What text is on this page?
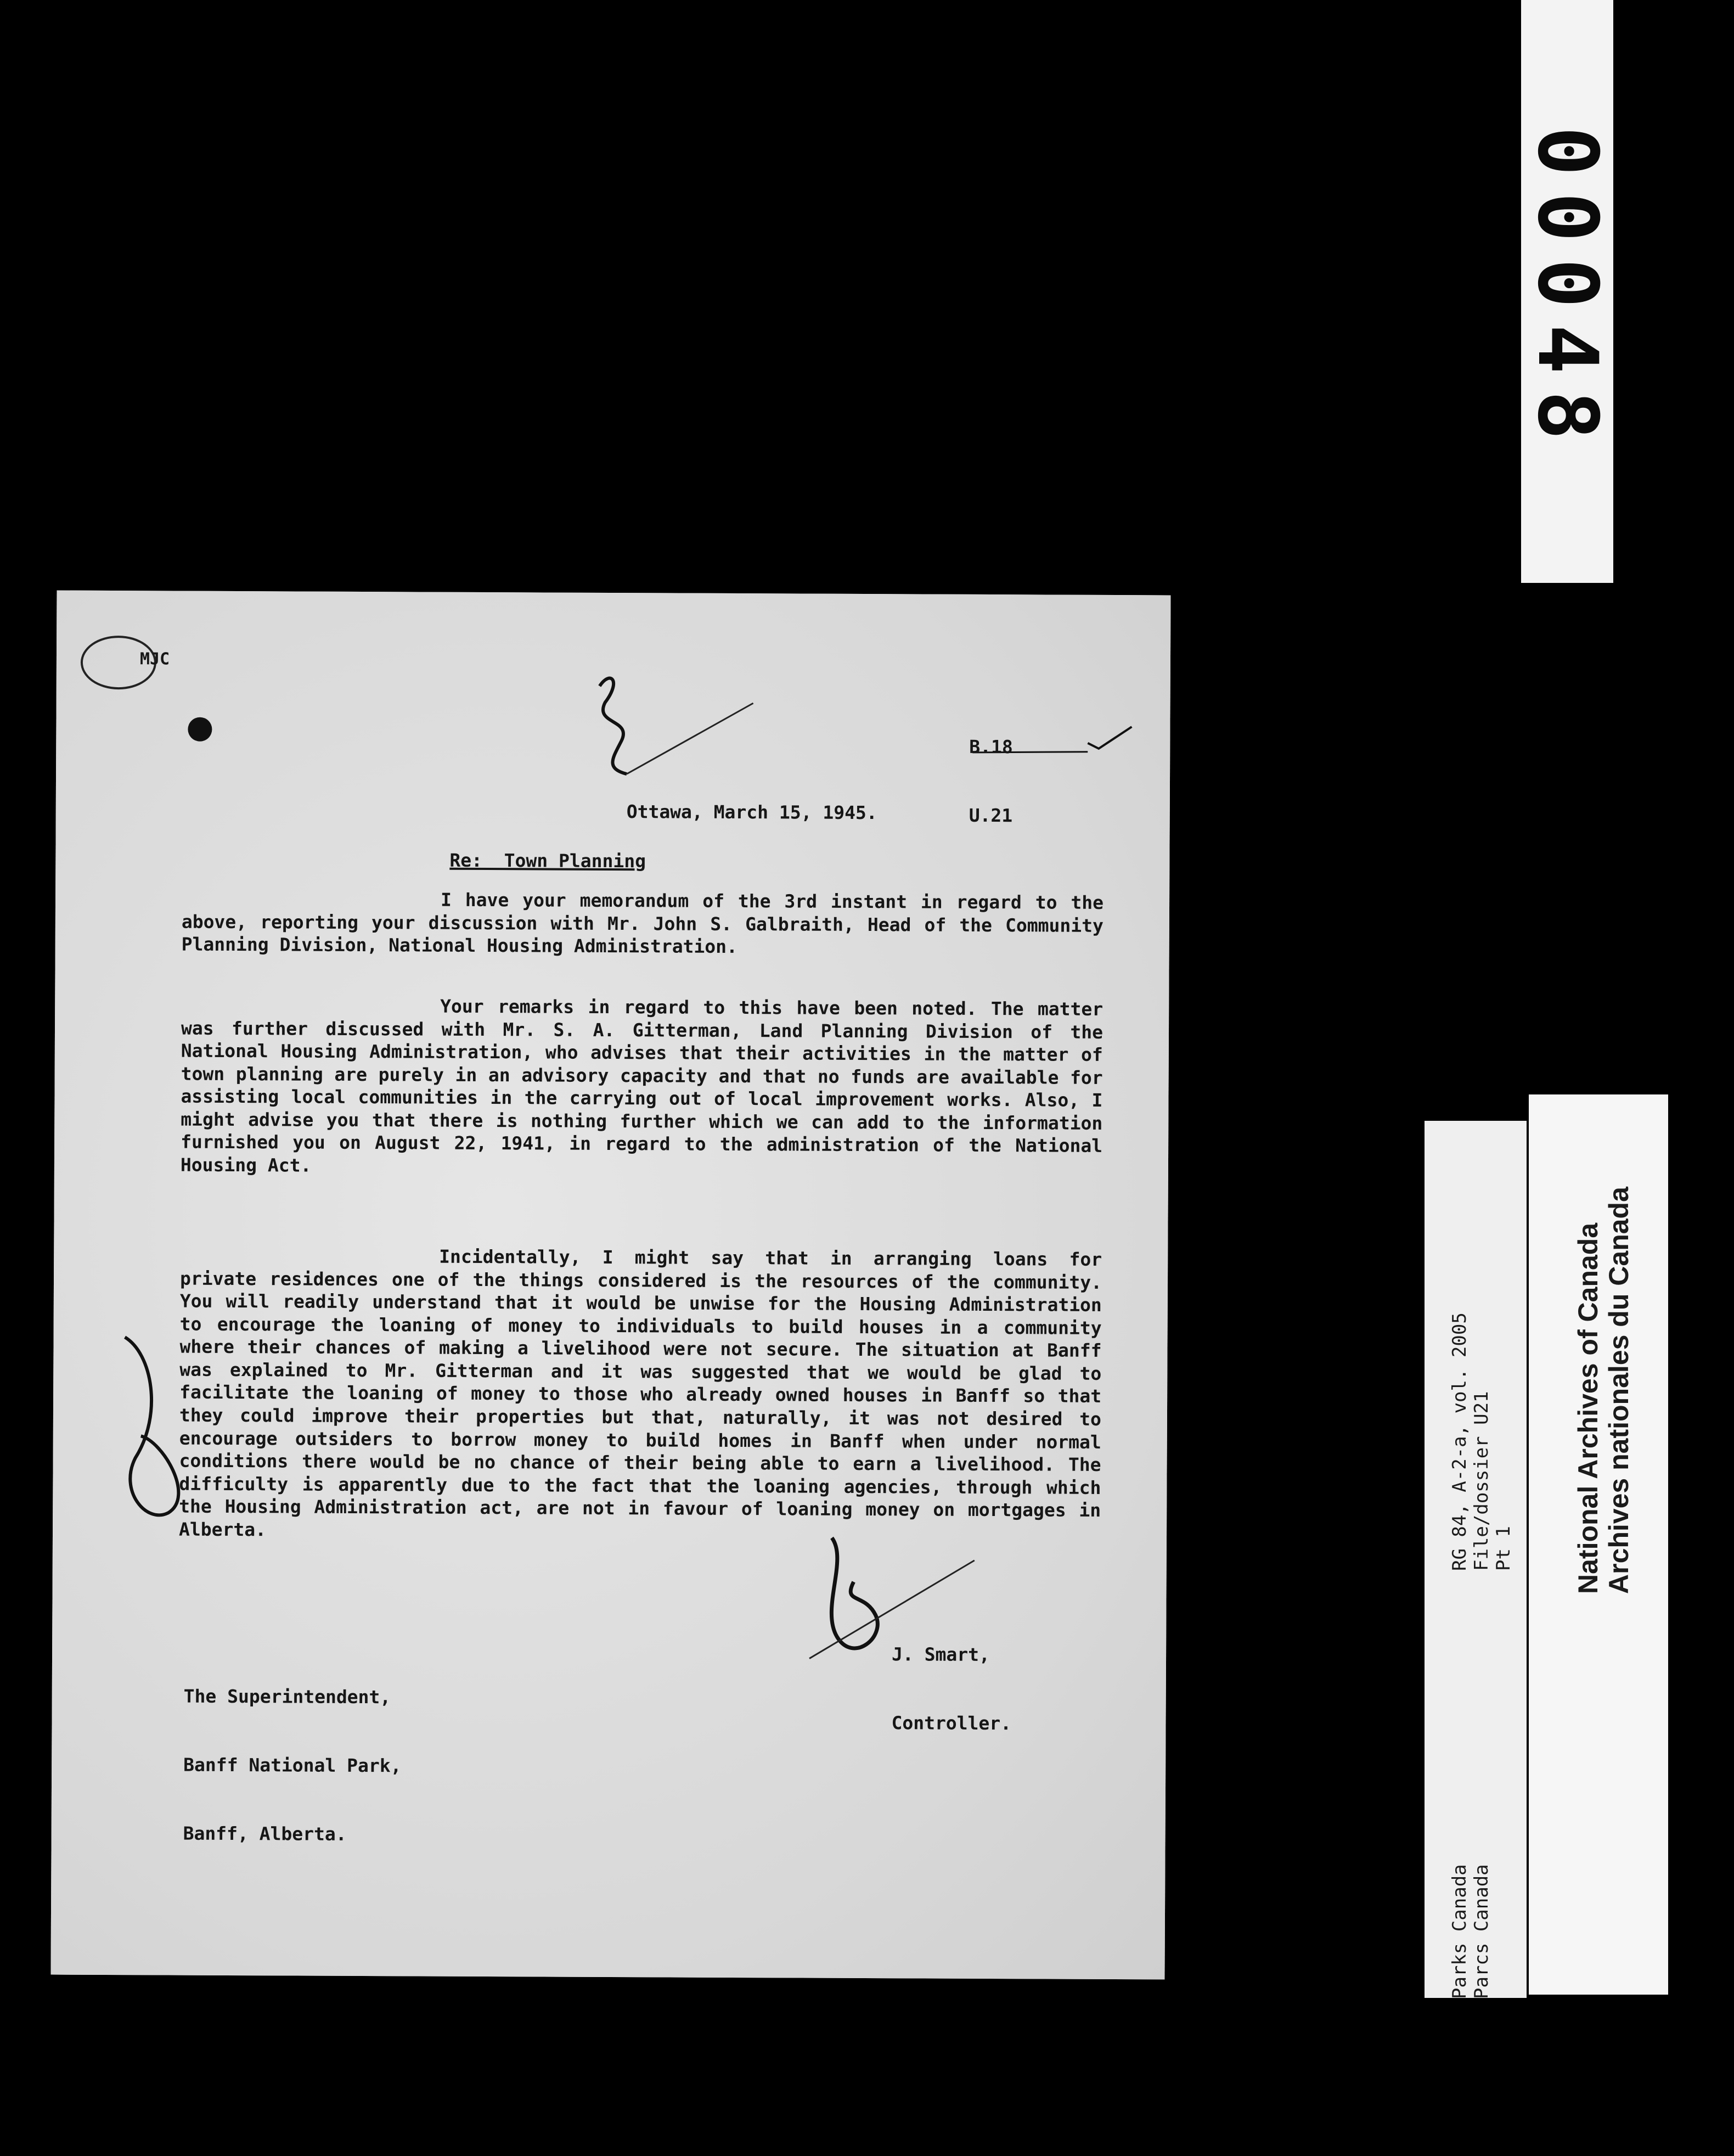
00048
MJC

B.18

U.21

Ottawa, March 15, 1945.
Re:  Town Planning
I have your memorandum of the 3rd instant in regard to the above, reporting your discussion with Mr. John S. Galbraith, Head of the Community Planning Division, National Housing Administration.
Your remarks in regard to this have been noted. The matter was further discussed with Mr. S. A. Gitterman, Land Planning Division of the National Housing Administration, who advises that their activities in the matter of town planning are purely in an advisory capacity and that no funds are available for assisting local communities in the carrying out of local improvement works. Also, I might advise you that there is nothing further which we can add to the information furnished you on August 22, 1941, in regard to the administration of the National Housing Act.
Incidentally, I might say that in arranging loans for private residences one of the things considered is the resources of the community. You will readily understand that it would be unwise for the Housing Administration to encourage the loaning of money to individuals to build houses in a community where their chances of making a livelihood were not secure. The situation at Banff was explained to Mr. Gitterman and it was suggested that we would be glad to facilitate the loaning of money to those who already owned houses in Banff so that they could improve their properties but that, naturally, it was not desired to encourage outsiders to borrow money to build homes in Banff when under normal conditions there would be no chance of their being able to earn a livelihood. The difficulty is apparently due to the fact that the loaning agencies, through which the Housing Administration act, are not in favour of loaning money on mortgages in Alberta.

J. Smart,

Controller.

The Superintendent,

Banff National Park,

Banff, Alberta.

RG 84, A-2-a, vol. 2005 File/dossier U21 Pt 1
Parks Canada Parcs Canada
National Archives of Canada Archives nationales du Canada
